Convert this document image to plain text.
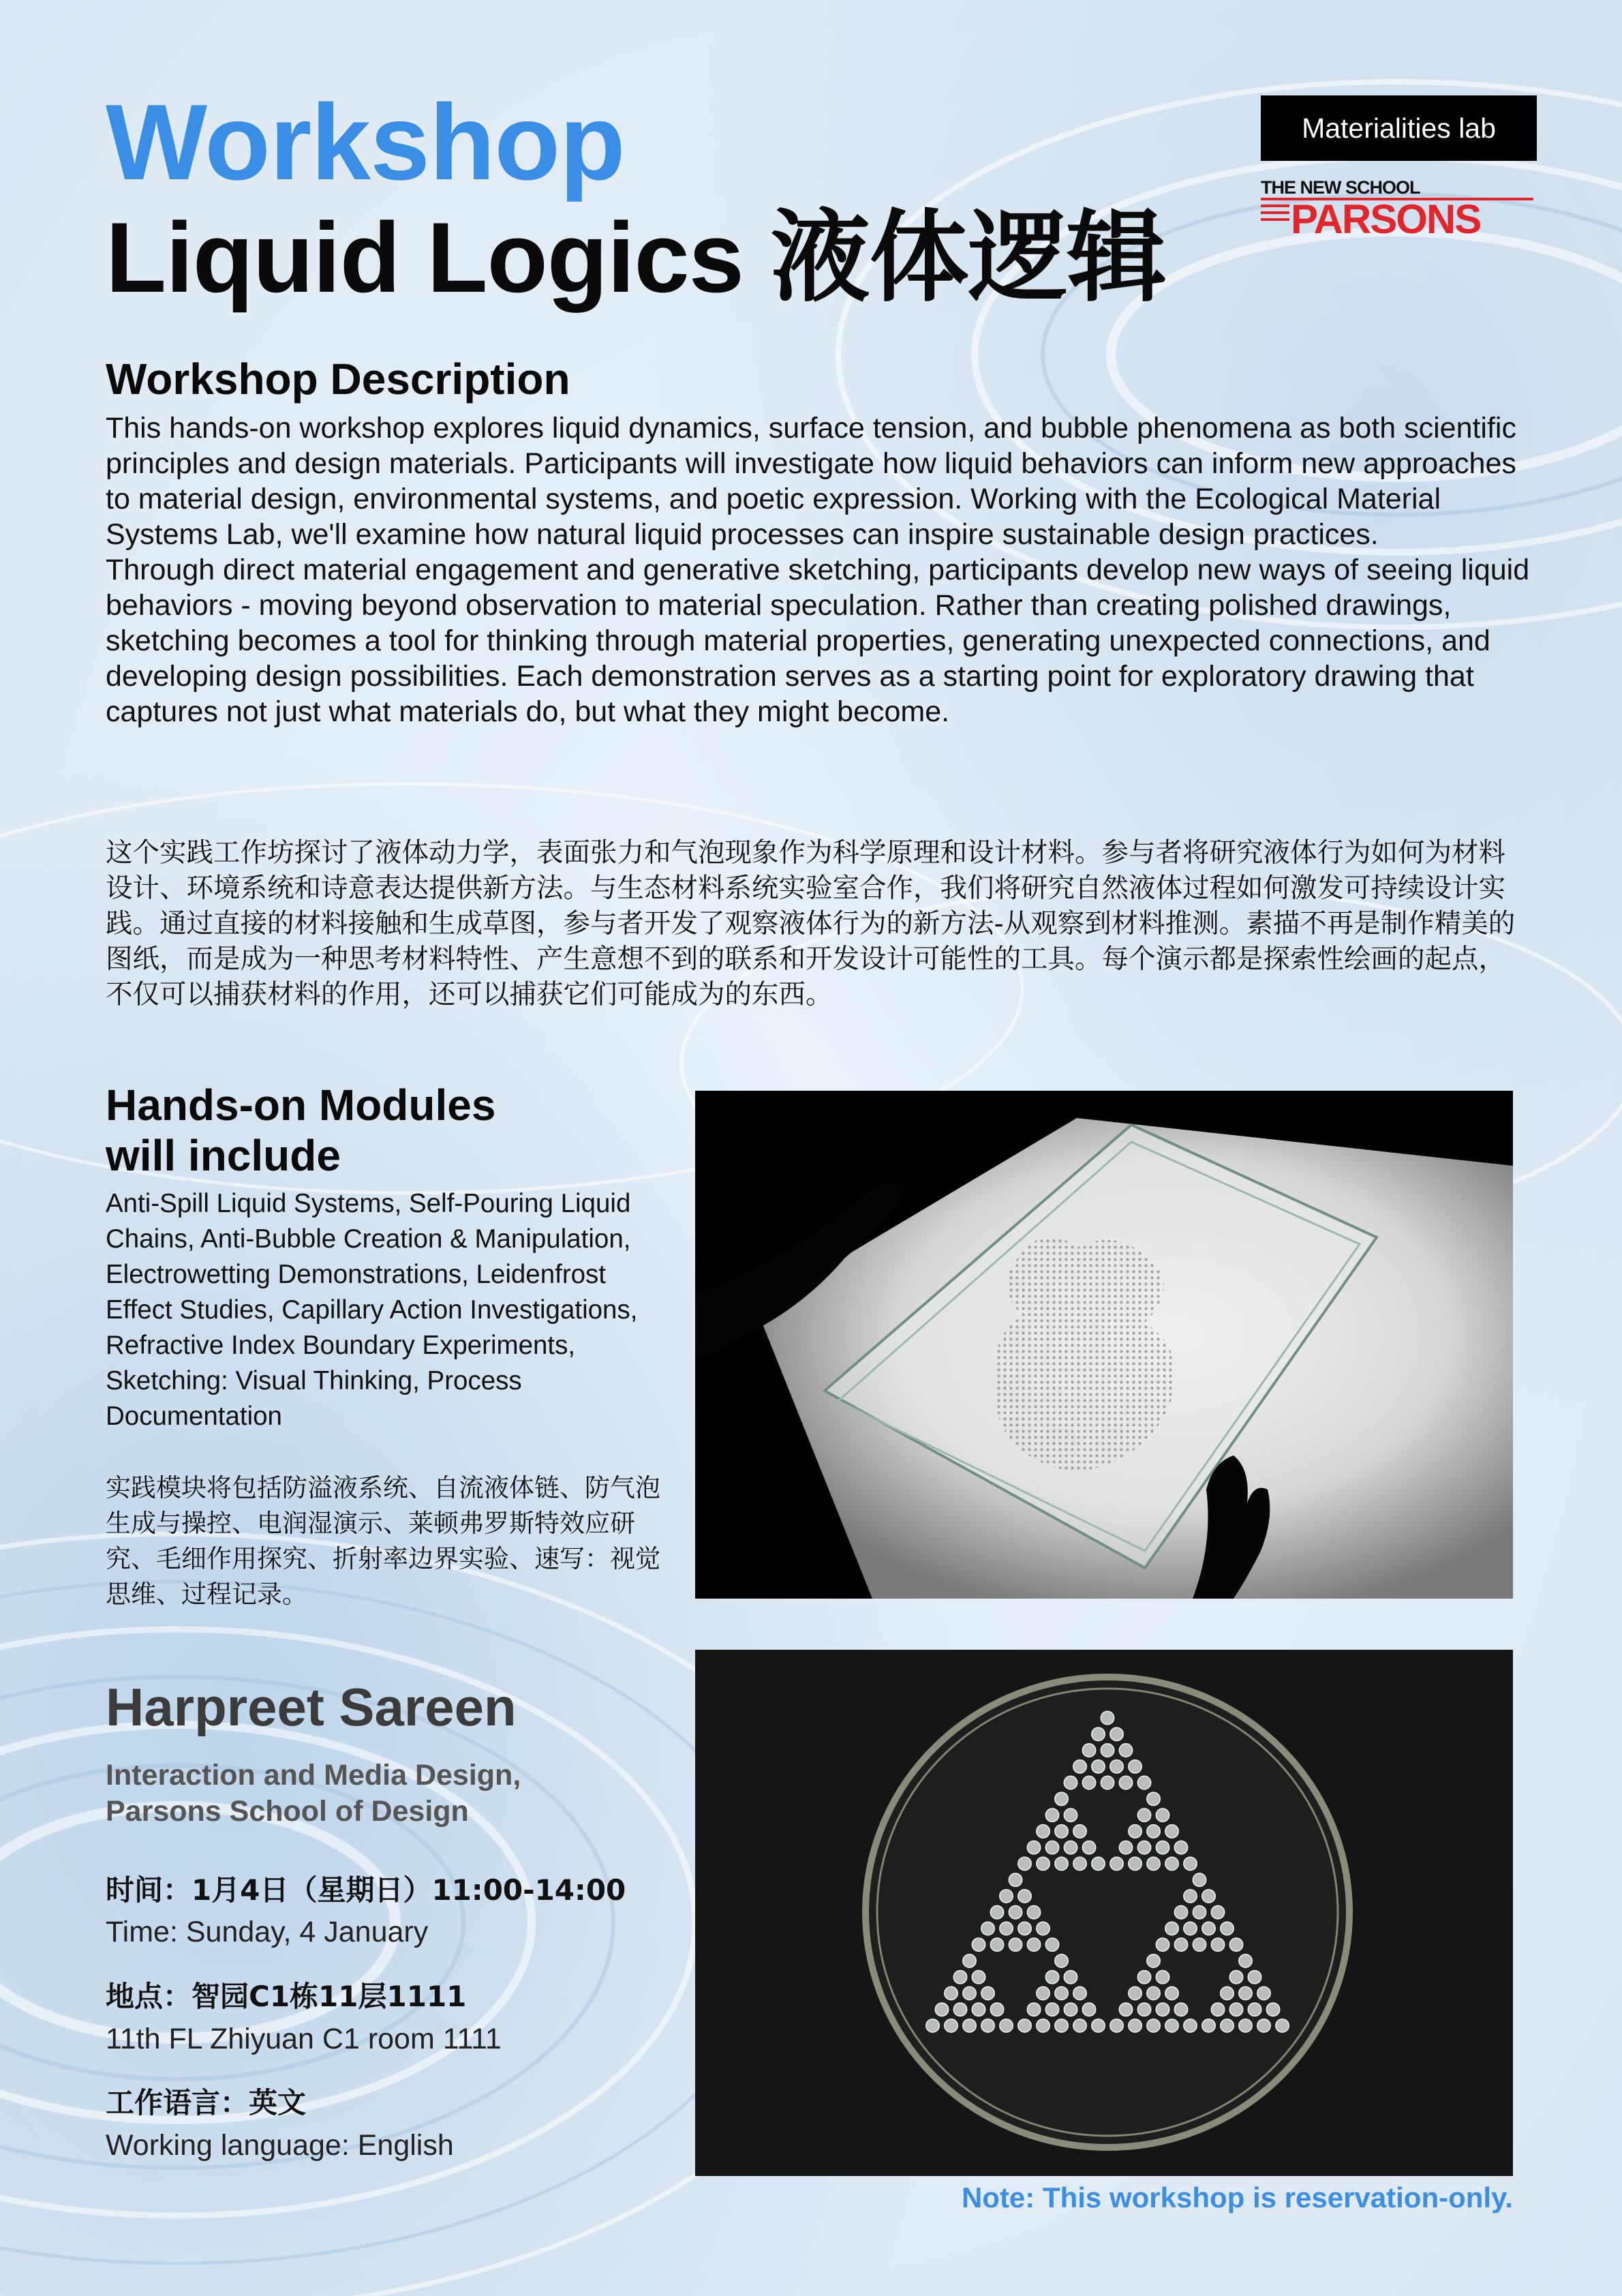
Workshop
Liquid Logics 液体逻辑
Materialities lab
THE NEW SCHOOL
PARSONS
Workshop Description

This hands-on workshop explores liquid dynamics, surface tension, and bubble phenomena as both scientific principles and design materials. Participants will investigate how liquid behaviors can inform new approaches to material design, environmental systems, and poetic expression. Working with the Ecological Material Systems Lab, we'll examine how natural liquid processes can inspire sustainable design practices.

Through direct material engagement and generative sketching, participants develop new ways of seeing liquid behaviors - moving beyond observation to material speculation. Rather than creating polished drawings, sketching becomes a tool for thinking through material properties, generating unexpected connections, and developing design possibilities. Each demonstration serves as a starting point for exploratory drawing that captures not just what materials do, but what they might become.

这个实践工作坊探讨了液体动力学，表面张力和气泡现象作为科学原理和设计材料。参与者将研究液体行为如何为材料设计、环境系统和诗意表达提供新方法。与生态材料系统实验室合作，我们将研究自然液体过程如何激发可持续设计实践。通过直接的材料接触和生成草图，参与者开发了观察液体行为的新方法-从观察到材料推测。素描不再是制作精美的图纸，而是成为一种思考材料特性、产生意想不到的联系和开发设计可能性的工具。每个演示都是探索性绘画的起点，不仅可以捕获材料的作用，还可以捕获它们可能成为的东西。

Hands-on Modules
will include

Anti-Spill Liquid Systems, Self-Pouring Liquid Chains, Anti-Bubble Creation & Manipulation, Electrowetting Demonstrations, Leidenfrost Effect Studies, Capillary Action Investigations, Refractive Index Boundary Experiments, Sketching: Visual Thinking, Process Documentation

实践模块将包括防溢液系统、自流液体链、防气泡生成与操控、电润湿演示、莱顿弗罗斯特效应研究、毛细作用探究、折射率边界实验、速写：视觉思维、过程记录。

Harpreet Sareen
Interaction and Media Design,
Parsons School of Design
时间：1月4日（星期日）11:00-14:00
Time: Sunday, 4 January
地点：智园C1栋11层1111
11th FL Zhiyuan C1 room 1111
工作语言：英文
Working language: English
Note: This workshop is reservation-only.
